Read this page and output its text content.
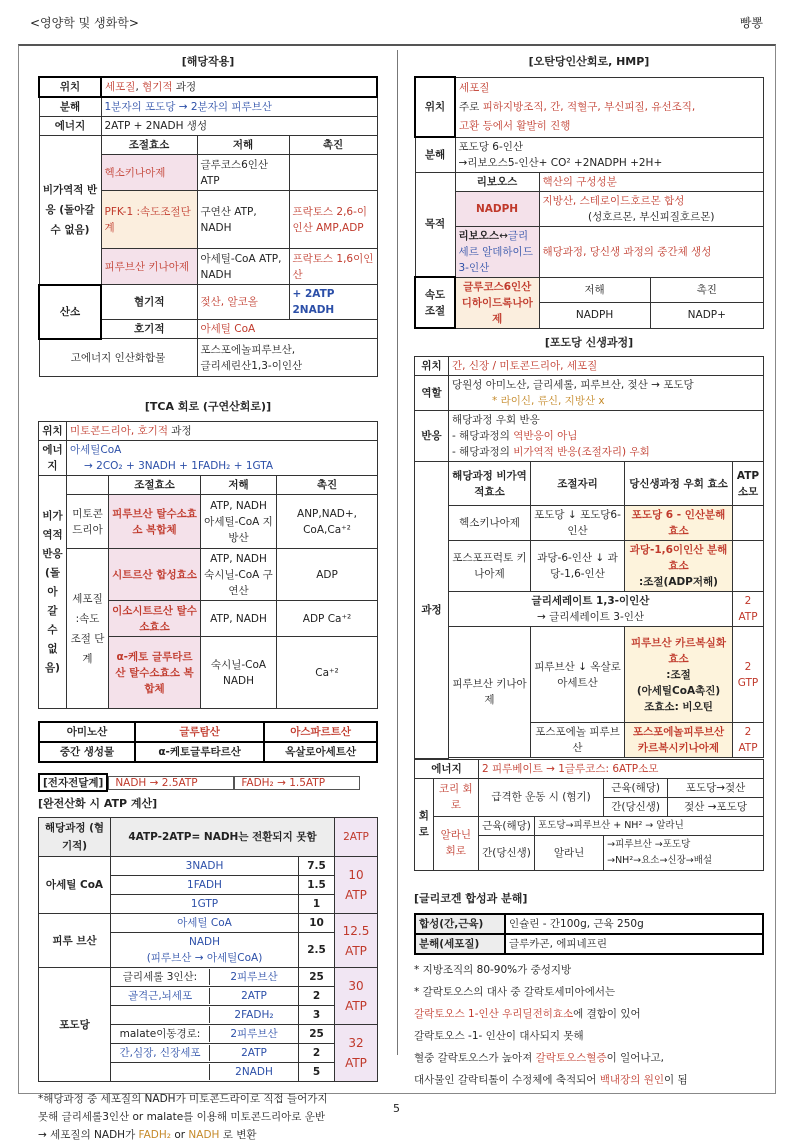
<영양학 및 생화학>	빵뽕
[해당작용]
위치	세포질, 혐기적 과정		
분해	1분자의 포도당 → 2분자의 피루브산		
에너지	2ATP + 2NADH 생성		
비가역적 반응 (돌아갈 수 없음)	조절효소	저해	촉진
	헥소키나아제	글루코스6인산 ATP	
	PFK-1 :속도조절단계	구연산 ATP, NADH	프락토스 2,6-이인산 AMP,ADP
	피루브산 키나아제	아세틸-CoA ATP, NADH	프락토스 1,6이인산
산소	혐기적	젖산, 알코올	+ 2ATP 2NADH
	호기적	아세틸 CoA	
고에너지 인산화합물		포스포에놀피루브산,
글리세린산1,3-이인산	
[TCA 회로 (구연산회로)]
위치	미토콘드리아, 호기적 과정			
에너지	아세틸CoA
→ 2CO₂ + 3NADH + 1FADH₂ + 1GTA			

비가 역적 반응 (돌아 갈 수 없음)		조절효소	저해	촉진
	미토콘 드리아	피루브산 탈수소효소 복합체	ATP, NADH 아세틸-CoA 지방산	ANP,NAD+, CoA,Ca⁺²
	세포질 :속도 조절 단계	시트르산 합성효소	ATP, NADH 숙시닐-CoA 구연산	ADP
		이소시트르산 탈수소효소	ATP, NADH	ADP Ca⁺²
		α-케토 글루타르산 탈수소효소 복합체	숙시닐-CoA NADH	Ca⁺²
아미노산	글루탐산	아스파르트산
중간 생성물	α-케토글루타르산	옥살로아세트산
[전자전달계]	NADH → 2.5ATP	FADH₂ → 1.5ATP
[완전산화 시 ATP 계산]
해당과정 (혐기적)	4ATP-2ATP= NADH는 전환되지 못함		2ATP
아세틸 CoA	3NADH	7.5	10 ATP
	1FADH	1.5	
	1GTP	1	
피루 브산	아세틸 CoA	10	12.5 ATP

	NADH
(피루브산 → 아세틸CoA)	2.5	
포도당	글리세롤 3인산: 2피루브산	25	30 ATP

	골격근,뇌세포 2ATP	2	

	2FADH₂	3	

	malate이동경로: 2피루브산	25	32 ATP

	간,심장, 신장세포 2ATP	2	

	2NADH	5	
*해당과정 중 세포질의 NADH가 미토콘드라이로 직접 들어가지
못해 글리세롤3인산 or malate를 이용해 미토콘드리아로 운반
→ 세포질의 NADH가 FADH₂ or NADH 로 변환
[오탄당인산회로, HMP]
위치	세포질
주로 피하지방조직, 간, 적혈구, 부신피질, 유선조직,
고환 등에서 활발히 진행		

분해	포도당 6-인산
→리보오스5-인산+ CO² +2NADPH +2H+		

목적	리보오스	핵산의 구성성분	
	NADPH	지방산, 스테로이드호르몬 합성
(성호르몬, 부신피질호르몬)	

	리보오스↔글리세르 알데하이드3-인산	해당과정, 당신생 과정의 중간체 생성	
속도 조절	글루코스6인산 디하이드록나아제	저해	촉진
		NADPH	NADP+
[포도당 신생과정]
위치	간, 신장 / 미토콘드리아, 세포질			
역할	당원성 아미노산, 글리세롤, 피루브산, 젖산 → 포도당
* 라이신, 류신, 지방산 x			

반응	해당과정 우회 반응
- 해당과정의 역반응이 아님
- 해당과정의 비가역적 반응(조절자리) 우회			

과정	해당과정 비가역적효소	조절자리	당신생과정 우회 효소	ATP 소모
	헥소키나아제	포도당 ↓ 포도당6-인산	포도당 6 - 인산분해효소	
	포스포프럭토 키나아제	과당-6-인산 ↓ 과당-1,6-인산	과당-1,6이인산 분해효소
:조절(ADP저해)	

	글리세레이트 1,3-이인산
→ 글리세레이트 3-인산			2 ATP
	피루브산 키나아제	피루브산 ↓ 옥살로 아세트산	피루브산 카르복실화 효소
:조절
(아세틸CoA촉진)
조효소: 비오틴	2 GTP
		포스포에놀 피루브산	포스포에놀피루브산 카르복시키나아제	2 ATP

에너지		2 피루베이트 → 1글루코스: 6ATP소모			
회로	코리 회로	급격한 운동 시 (혐기)		근육(해당)	포도당→젖산
				간(당신생)	젖산 →포도당
	알라닌 회로	근육(해당)	포도당→피루브산 + NH² → 알라닌		
		간(당신생)	알라닌	→피루브산 →포도당
→NH²→요소→신장→배설	
[글리코겐 합성과 분해]
합성(간,근육)	인슐린 - 간100g, 근육 250g
분해(세포질)	글루카곤, 에피네프린
* 지방조직의 80-90%가 중성지방
* 갈락토오스의 대사 중 갈락토세미아에서는
갈락토오스 1-인산 우리딜전히효소에 결합이 있어
갈락토오스 -1- 인산이 대사되지 못해
혈중 갈락토오스가 높아져 갈락토오스혈증이 일어나고,
대사물인 갈락티톨이 수정체에 축적되어 백내장의 원인이 됨
5
